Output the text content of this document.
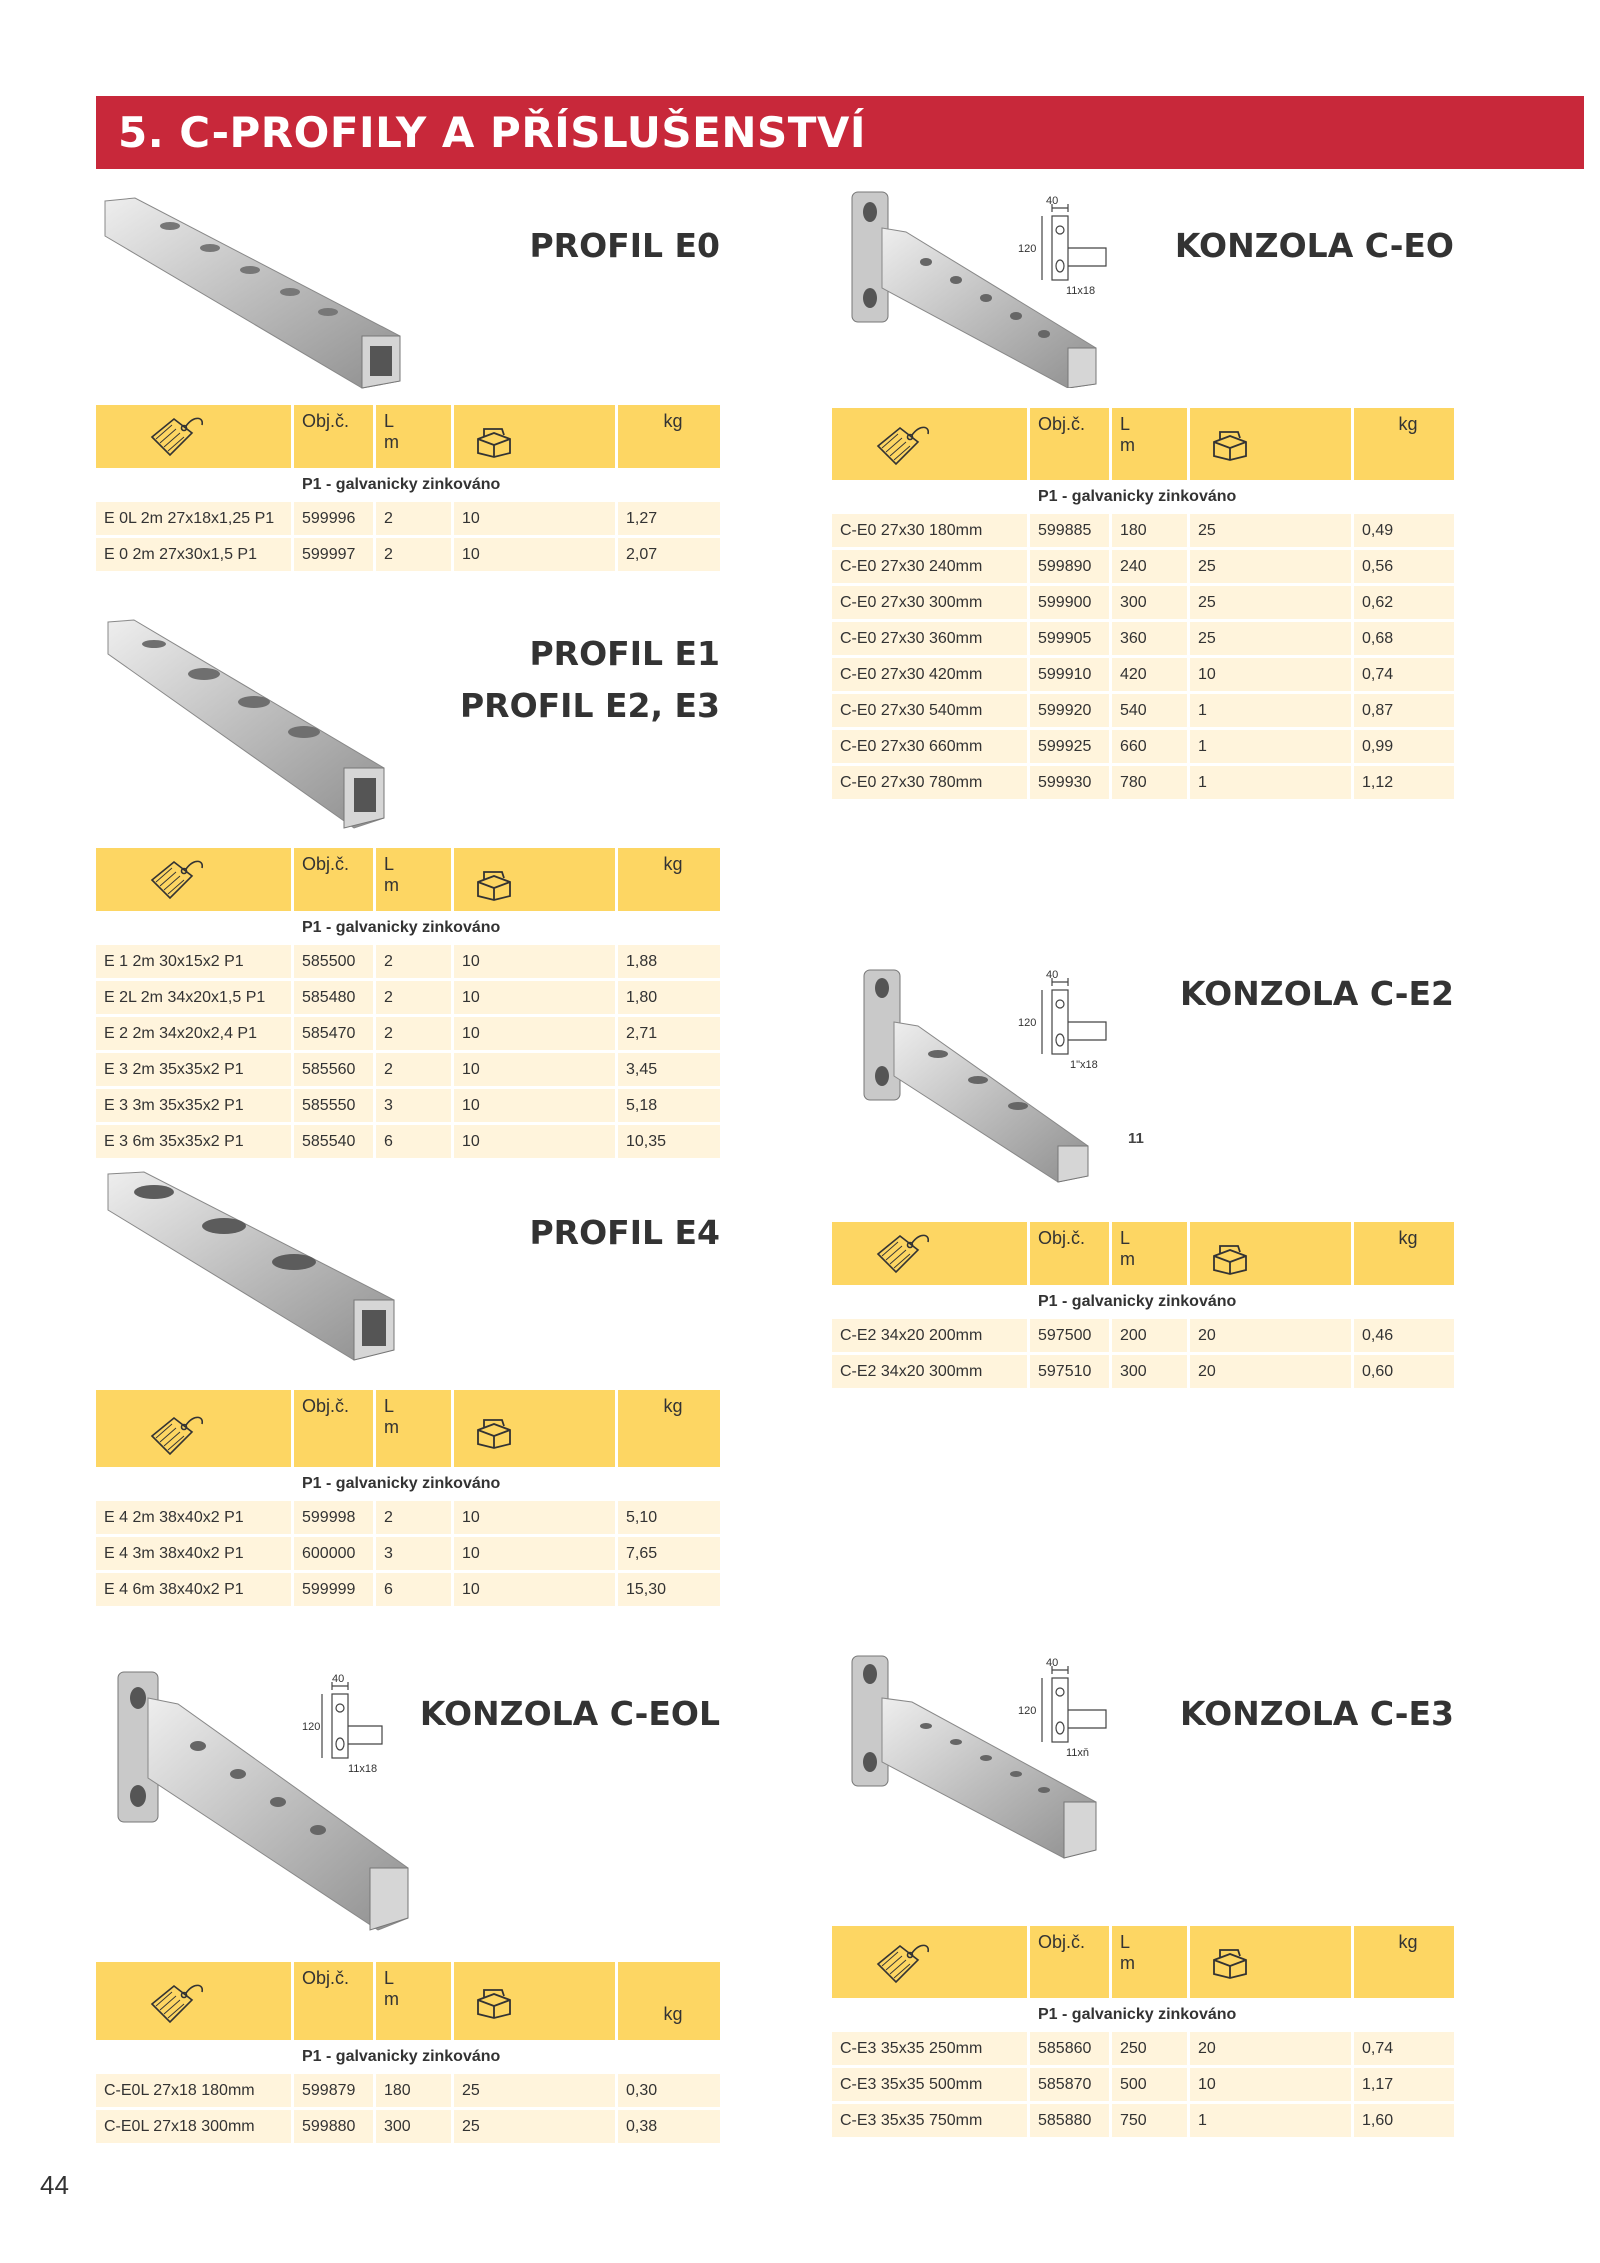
5. C-PROFILY A PŘÍSLUŠENSTVÍ
PROFIL E0
	Obj.č.	L
m		kg
	P1 - galvanicky zinkováno			
E 0L 2m 27x18x1,25 P1	599996	2	10	1,27
E 0 2m 27x30x1,5 P1	599997	2	10	2,07
PROFIL E1
PROFIL E2, E3
	Obj.č.	L
m		kg
	P1 - galvanicky zinkováno			
E 1 2m 30x15x2 P1	585500	2	10	1,88
E 2L 2m 34x20x1,5 P1	585480	2	10	1,80
E 2 2m 34x20x2,4 P1	585470	2	10	2,71
E 3 2m 35x35x2 P1	585560	2	10	3,45
E 3 3m 35x35x2 P1	585550	3	10	5,18
E 3 6m 35x35x2 P1	585540	6	10	10,35
PROFIL E4
	Obj.č.	L
m		kg
	P1 - galvanicky zinkováno			
E 4 2m 38x40x2 P1	599998	2	10	5,10
E 4 3m 38x40x2 P1	600000	3	10	7,65
E 4 6m 38x40x2 P1	599999	6	10	15,30
40
120
11x18
KONZOLA C-EOL
	Obj.č.	L
m		kg
	P1 - galvanicky zinkováno			
C-E0L 27x18 180mm	599879	180	25	0,30
C-E0L 27x18 300mm	599880	300	25	0,38
40
120
11x18
KONZOLA C-EO
	Obj.č.	L
m		kg
	P1 - galvanicky zinkováno			
C-E0 27x30 180mm	599885	180	25	0,49
C-E0 27x30 240mm	599890	240	25	0,56
C-E0 27x30 300mm	599900	300	25	0,62
C-E0 27x30 360mm	599905	360	25	0,68
C-E0 27x30 420mm	599910	420	10	0,74
C-E0 27x30 540mm	599920	540	1	0,87
C-E0 27x30 660mm	599925	660	1	0,99
C-E0 27x30 780mm	599930	780	1	1,12
40
120
1"x18
11
KONZOLA C-E2
	Obj.č.	L
m		kg
	P1 - galvanicky zinkováno			
C-E2 34x20 200mm	597500	200	20	0,46
C-E2 34x20 300mm	597510	300	20	0,60
40
120
11xň
KONZOLA C-E3
	Obj.č.	L
m		kg
	P1 - galvanicky zinkováno			
C-E3 35x35 250mm	585860	250	20	0,74
C-E3 35x35 500mm	585870	500	10	1,17
C-E3 35x35 750mm	585880	750	1	1,60
44
